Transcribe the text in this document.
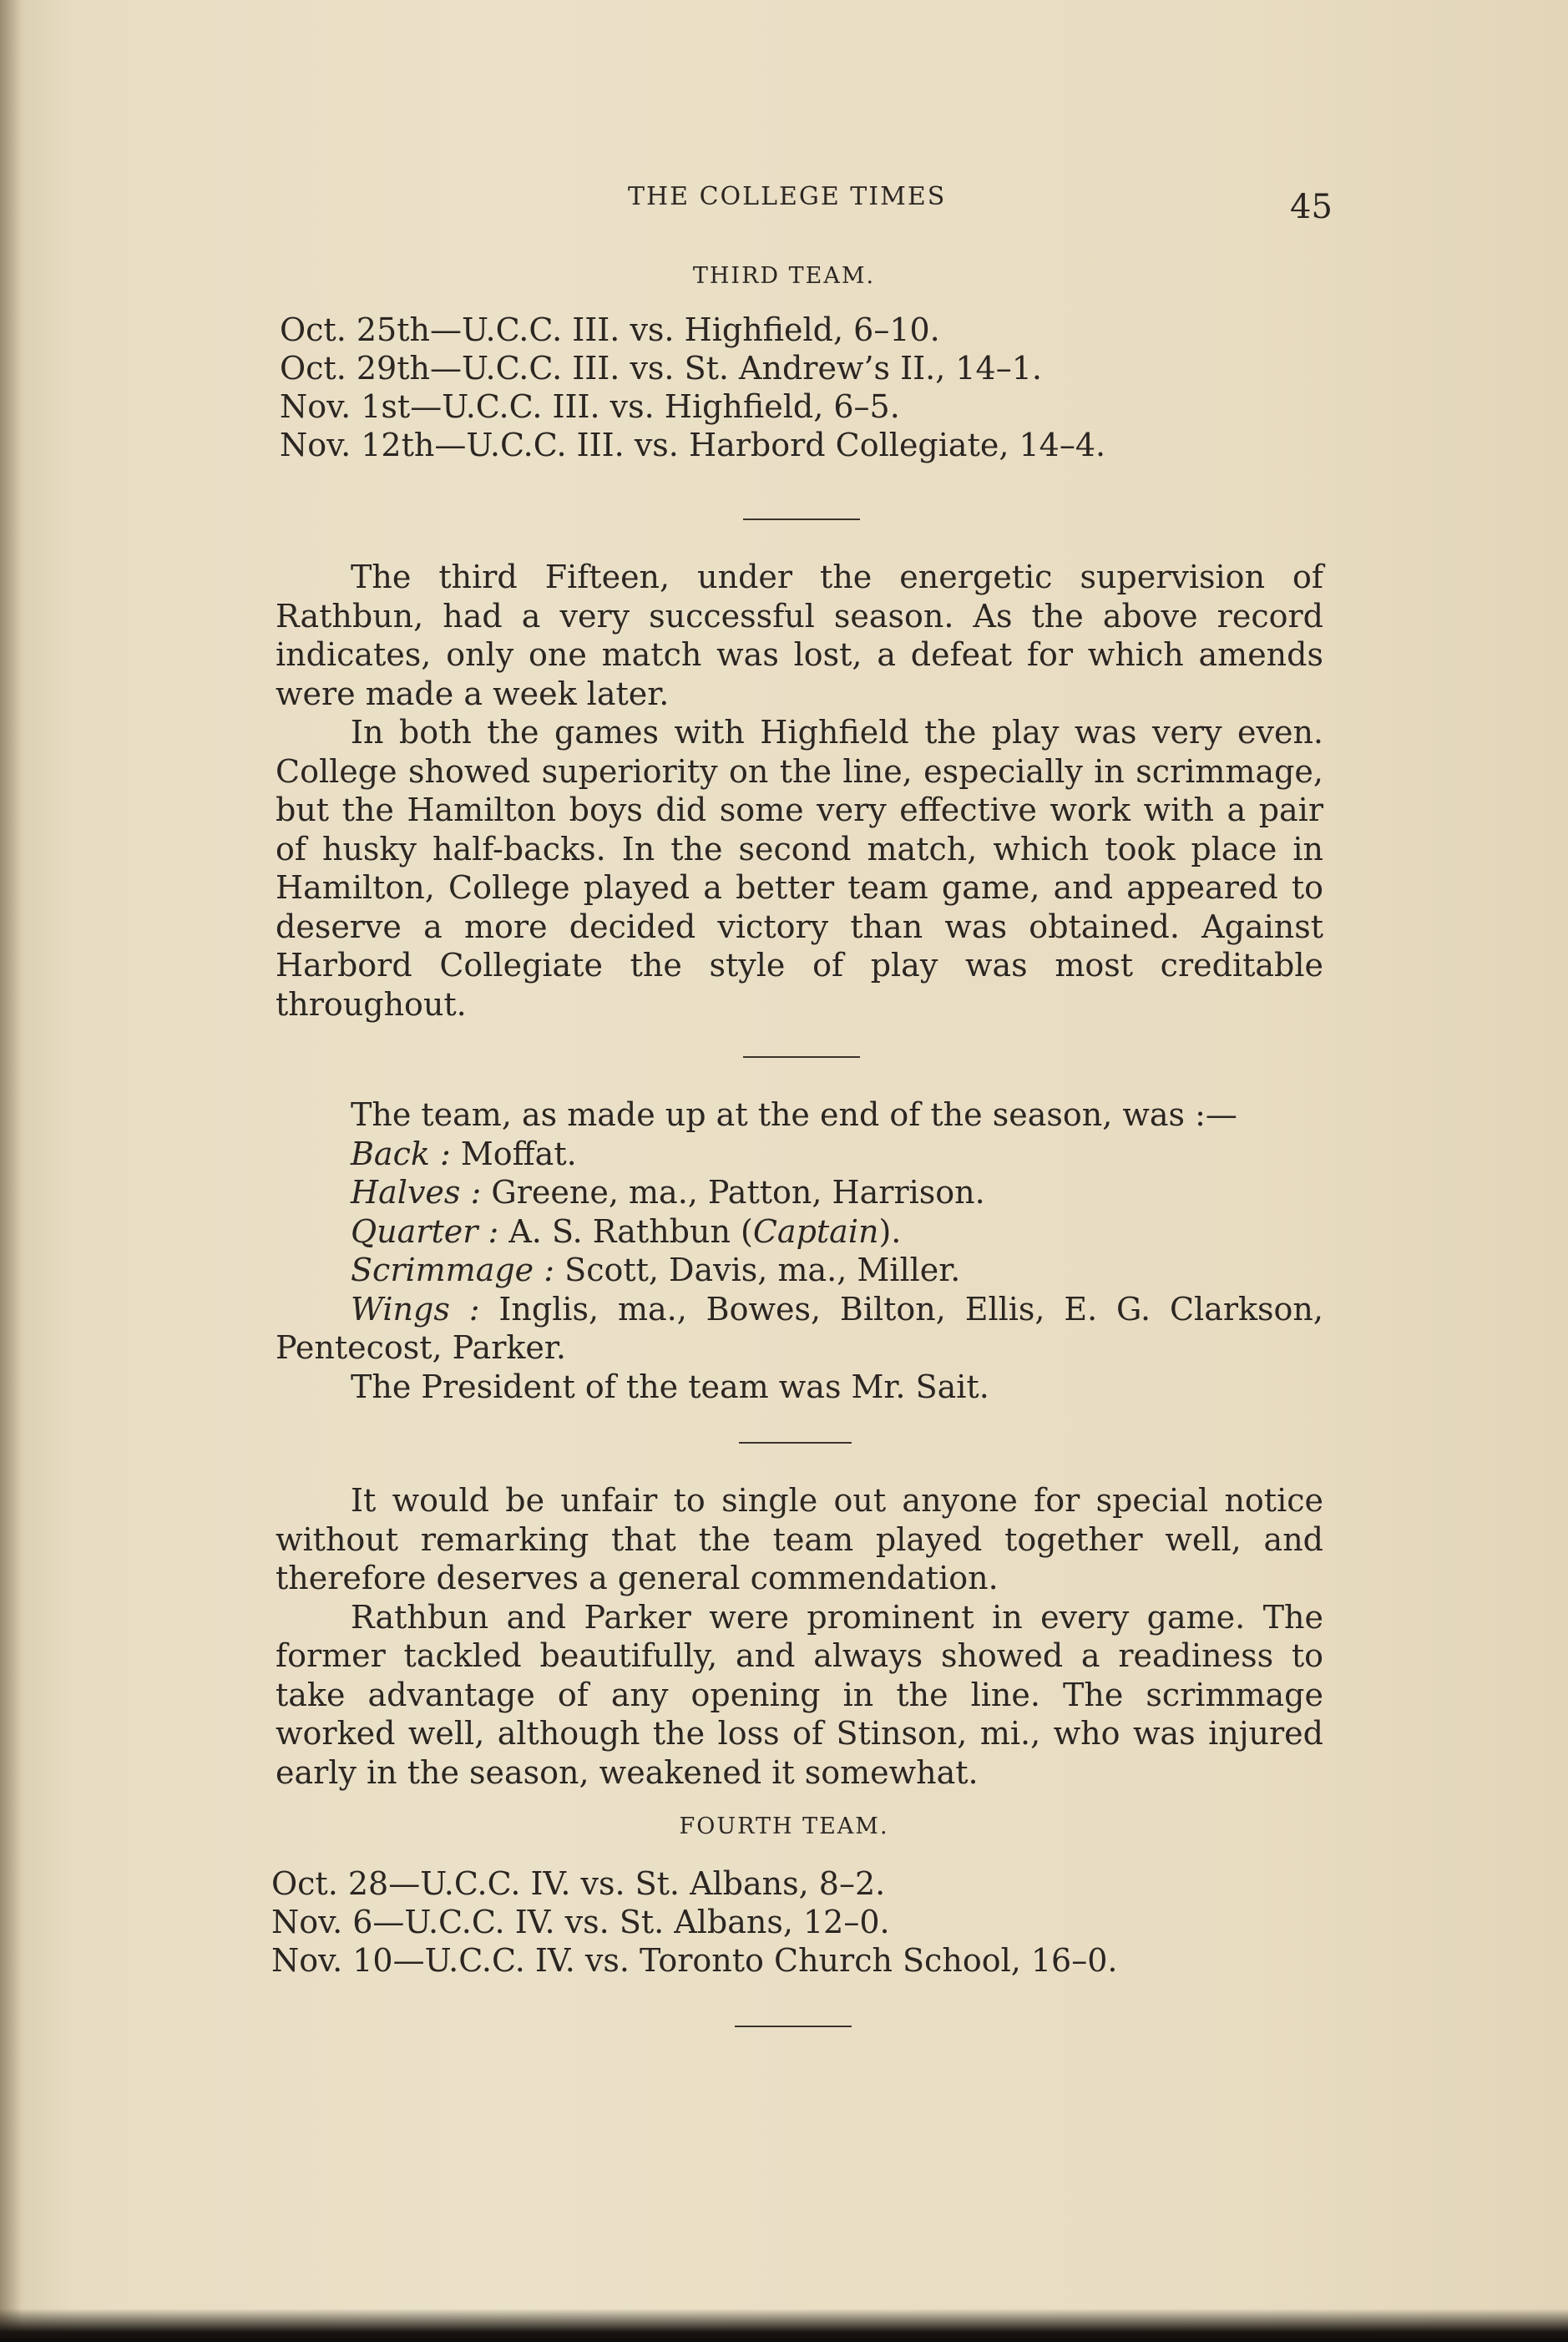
THE COLLEGE TIMES	45
THIRD TEAM.
Oct. 25th—U.C.C. III. vs. Highfield, 6–10.
Oct. 29th—U.C.C. III. vs. St. Andrew’s II., 14–1.
Nov. 1st—U.C.C. III. vs. Highfield, 6–5.
Nov. 12th—U.C.C. III. vs. Harbord Collegiate, 14–4.

The third Fifteen, under the energetic supervision of Rathbun, had a very successful season. As the above record indicates, only one match was lost, a defeat for which amends were made a week later.

In both the games with Highfield the play was very even. College showed superiority on the line, especially in scrimmage, but the Hamilton boys did some very effective work with a pair of husky half-backs. In the second match, which took place in Hamilton, College played a better team game, and appeared to deserve a more decided victory than was obtained. Against Harbord Collegiate the style of play was most creditable throughout.

The team, as made up at the end of the season, was :—
Back : Moffat.
Halves : Greene, ma., Patton, Harrison.
Quarter : A. S. Rathbun (Captain).
Scrimmage : Scott, Davis, ma., Miller.
Wings : Inglis, ma., Bowes, Bilton, Ellis, E. G. Clarkson, Pentecost, Parker.
The President of the team was Mr. Sait.

It would be unfair to single out anyone for special notice without remarking that the team played together well, and therefore deserves a general commendation.

Rathbun and Parker were prominent in every game. The former tackled beautifully, and always showed a readiness to take advantage of any opening in the line. The scrimmage worked well, although the loss of Stinson, mi., who was injured early in the season, weakened it somewhat.

FOURTH TEAM.
Oct. 28—U.C.C. IV. vs. St. Albans, 8–2.
Nov. 6—U.C.C. IV. vs. St. Albans, 12–0.
Nov. 10—U.C.C. IV. vs. Toronto Church School, 16–0.
